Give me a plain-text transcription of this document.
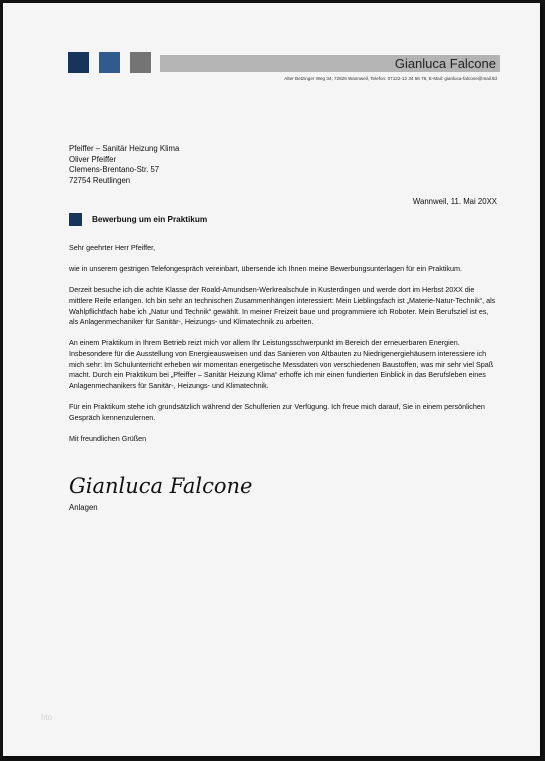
Gianluca Falcone
Alter Betzinger Weg 34, 72826 Wannweil, Telefon: 07122-12 34 56 78, E-Mail: gianluca-falcone@mail.tld
Pfeiffer – Sanitär Heizung Klima
Oliver Pfeiffer
Clemens-Brentano-Str. 57
72754 Reutlingen
Wannweil, 11. Mai 20XX
Bewerbung um ein Praktikum

Sehr geehrter Herr Pfeiffer,

wie in unserem gestrigen Telefongespräch vereinbart, übersende ich Ihnen meine Bewerbungsunterlagen für ein Praktikum.

Derzeit besuche ich die achte Klasse der Roald-Amundsen-Werkrealschule in Kusterdingen und werde dort im Herbst 20XX die mittlere Reife erlangen. Ich bin sehr an technischen Zusammenhängen interessiert: Mein Lieblingsfach ist „Materie-Natur-Technik“, als Wahlpflichtfach habe ich „Natur und Technik“ gewählt. In meiner Freizeit baue und programmiere ich Roboter. Mein Berufsziel ist es, als Anlagenmechaniker für Sanitär-, Heizungs- und Klimatechnik zu arbeiten.

An einem Praktikum in Ihrem Betrieb reizt mich vor allem Ihr Leistungsschwerpunkt im Bereich der erneuerbaren Energien. Insbesondere für die Ausstellung von Energieausweisen und das Sanieren von Altbauten zu Niedrigenergiehäusern interessiere ich mich sehr: Im Schulunterricht erheben wir momentan energetische Messdaten von verschiedenen Baustoffen, was mir sehr viel Spaß macht. Durch ein Praktikum bei „Pfeiffer – Sanitär Heizung Klima“ erhoffe ich mir einen fundierten Einblick in das Berufsleben eines Anlagenmechanikers für Sanitär-, Heizungs- und Klimatechnik.

Für ein Praktikum stehe ich grundsätzlich während der Schulferien zur Verfügung. Ich freue mich darauf, Sie in einem persönlichen Gespräch kennenzulernen.

Mit freundlichen Grüßen

Gianluca Falcone
Anlagen
hto
